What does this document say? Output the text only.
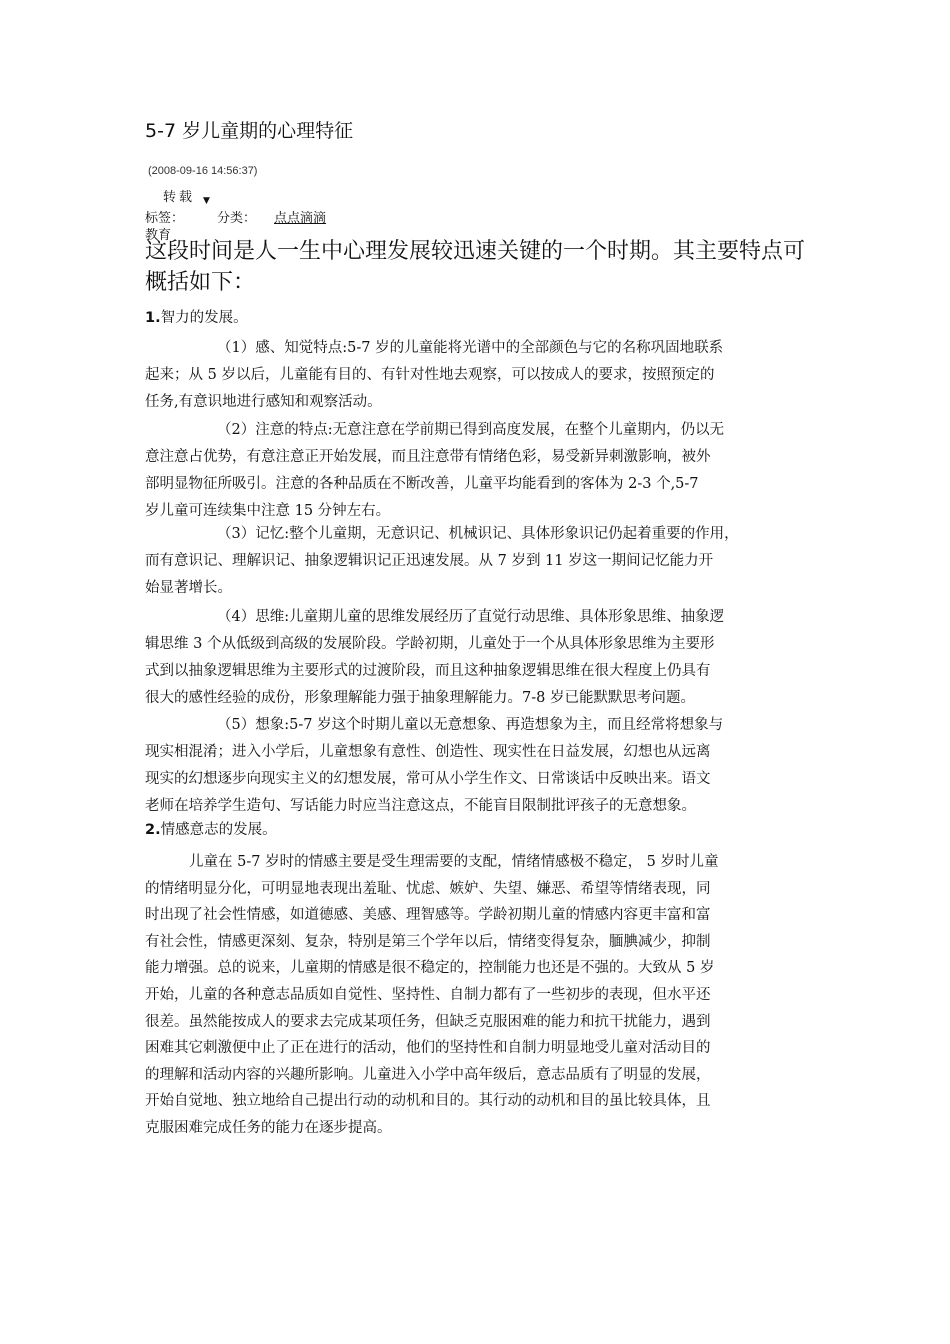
5-7 岁儿童期的心理特征
(2008-09-16 14:56:37)
转载 ▼
标签：	分类： 点点滴滴
教育

这段时间是人一生中心理发展较迅速关键的一个时期。其主要特点可概括如下：

1.智力的发展。

（1）感、知觉特点:5-7 岁的儿童能将光谱中的全部颜色与它的名称巩固地联系
起来；从 5 岁以后，儿童能有目的、有针对性地去观察，可以按成人的要求，按照预定的
任务,有意识地进行感知和观察活动。
（2）注意的特点:无意注意在学前期已得到高度发展，在整个儿童期内，仍以无
意注意占优势，有意注意正开始发展，而且注意带有情绪色彩，易受新异刺激影响，被外
部明显物征所吸引。注意的各种品质在不断改善，儿童平均能看到的客体为 2-3 个,5-7
岁儿童可连续集中注意 15 分钟左右。
（3）记忆:整个儿童期，无意识记、机械识记、具体形象识记仍起着重要的作用，
而有意识记、理解识记、抽象逻辑识记正迅速发展。从 7 岁到 11 岁这一期间记忆能力开
始显著增长。
（4）思维:儿童期儿童的思维发展经历了直觉行动思维、具体形象思维、抽象逻
辑思维 3 个从低级到高级的发展阶段。学龄初期，儿童处于一个从具体形象思维为主要形
式到以抽象逻辑思维为主要形式的过渡阶段，而且这种抽象逻辑思维在很大程度上仍具有
很大的感性经验的成份，形象理解能力强于抽象理解能力。7-8 岁已能默默思考问题。
（5）想象:5-7 岁这个时期儿童以无意想象、再造想象为主，而且经常将想象与
现实相混淆；进入小学后，儿童想象有意性、创造性、现实性在日益发展，幻想也从远离
现实的幻想逐步向现实主义的幻想发展，常可从小学生作文、日常谈话中反映出来。语文
老师在培养学生造句、写话能力时应当注意这点，不能盲目限制批评孩子的无意想象。

2.情感意志的发展。

儿童在 5-7 岁时的情感主要是受生理需要的支配，情绪情感极不稳定， 5 岁时儿童
的情绪明显分化，可明显地表现出羞耻、忧虑、嫉妒、失望、嫌恶、希望等情绪表现，同
时出现了社会性情感，如道德感、美感、理智感等。学龄初期儿童的情感内容更丰富和富
有社会性，情感更深刻、复杂，特别是第三个学年以后，情绪变得复杂，腼腆减少，抑制
能力增强。总的说来，儿童期的情感是很不稳定的，控制能力也还是不强的。大致从 5 岁
开始，儿童的各种意志品质如自觉性、坚持性、自制力都有了一些初步的表现，但水平还
很差。虽然能按成人的要求去完成某项任务，但缺乏克服困难的能力和抗干扰能力，遇到
困难其它刺激便中止了正在进行的活动，他们的坚持性和自制力明显地受儿童对活动目的
的理解和活动内容的兴趣所影响。儿童进入小学中高年级后，意志品质有了明显的发展，
开始自觉地、独立地给自己提出行动的动机和目的。其行动的动机和目的虽比较具体，且
克服困难完成任务的能力在逐步提高。
